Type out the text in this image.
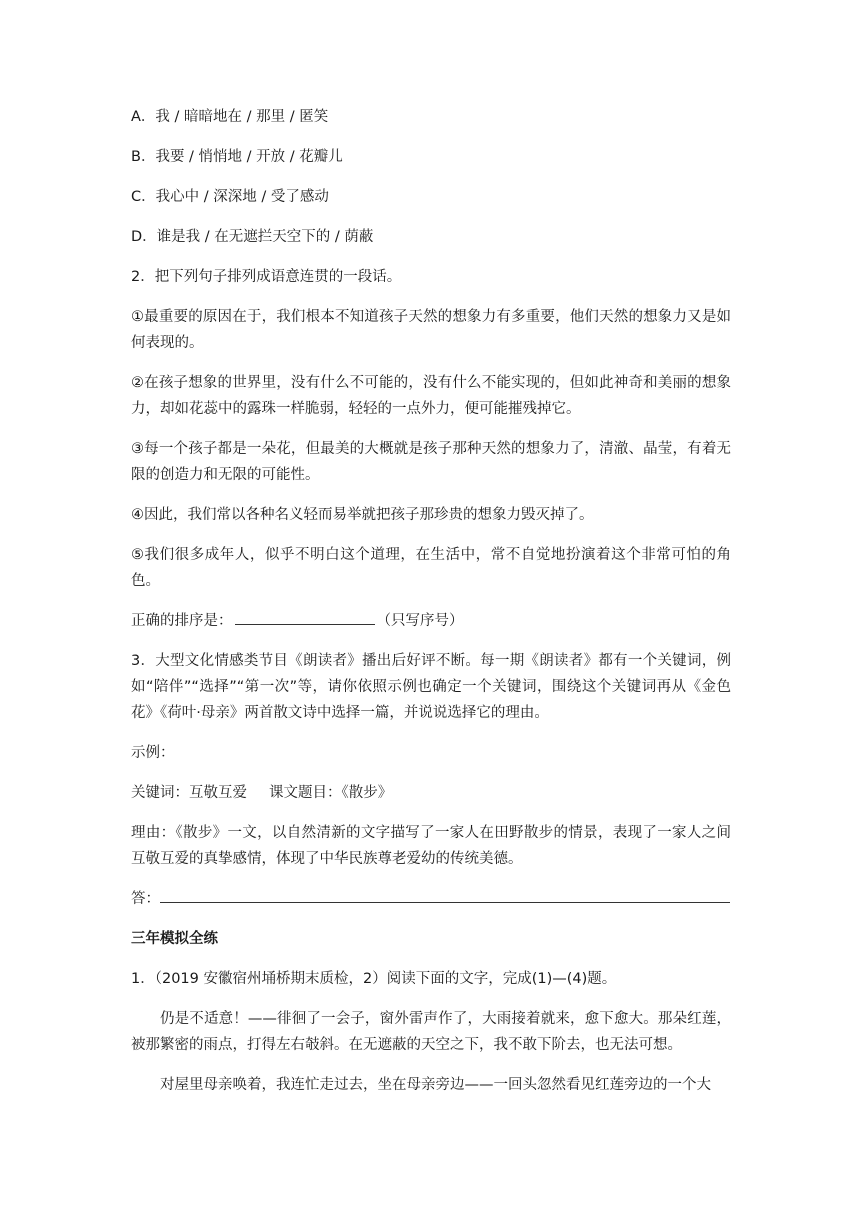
A．我 / 暗暗地在 / 那里 / 匿笑
B．我要 / 悄悄地 / 开放 / 花瓣儿
C．我心中 / 深深地 / 受了感动
D．谁是我 / 在无遮拦天空下的 / 荫蔽
2．把下列句子排列成语意连贯的一段话。
①最重要的原因在于，我们根本不知道孩子天然的想象力有多重要，他们天然的想象力又是如何表现的。
②在孩子想象的世界里，没有什么不可能的，没有什么不能实现的，但如此神奇和美丽的想象力，却如花蕊中的露珠一样脆弱，轻轻的一点外力，便可能摧残掉它。
③每一个孩子都是一朵花，但最美的大概就是孩子那种天然的想象力了，清澈、晶莹，有着无限的创造力和无限的可能性。
④因此，我们常以各种名义轻而易举就把孩子那珍贵的想象力毁灭掉了。
⑤我们很多成年人，似乎不明白这个道理，在生活中，常不自觉地扮演着这个非常可怕的角色。
正确的排序是：	（只写序号）
3．大型文化情感类节目《朗读者》播出后好评不断。每一期《朗读者》都有一个关键词，例如“陪伴”“选择”“第一次”等，请你依照示例也确定一个关键词，围绕这个关键词再从《金色花》《荷叶·母亲》两首散文诗中选择一篇，并说说选择它的理由。
示例：
关键词：互敬互爱 课文题目：《散步》
理由：《散步》一文，以自然清新的文字描写了一家人在田野散步的情景，表现了一家人之间互敬互爱的真挚感情，体现了中华民族尊老爱幼的传统美德。
答：
三年模拟全练
1．（2019 安徽宿州埇桥期末质检，2）阅读下面的文字，完成(1)—(4)题。
仍是不适意！——徘徊了一会子，窗外雷声作了，大雨接着就来，愈下愈大。那朵红莲，被那繁密的雨点，打得左右攲斜。在无遮蔽的天空之下，我不敢下阶去，也无法可想。
对屋里母亲唤着，我连忙走过去，坐在母亲旁边——一回头忽然看见红莲旁边的一个大
